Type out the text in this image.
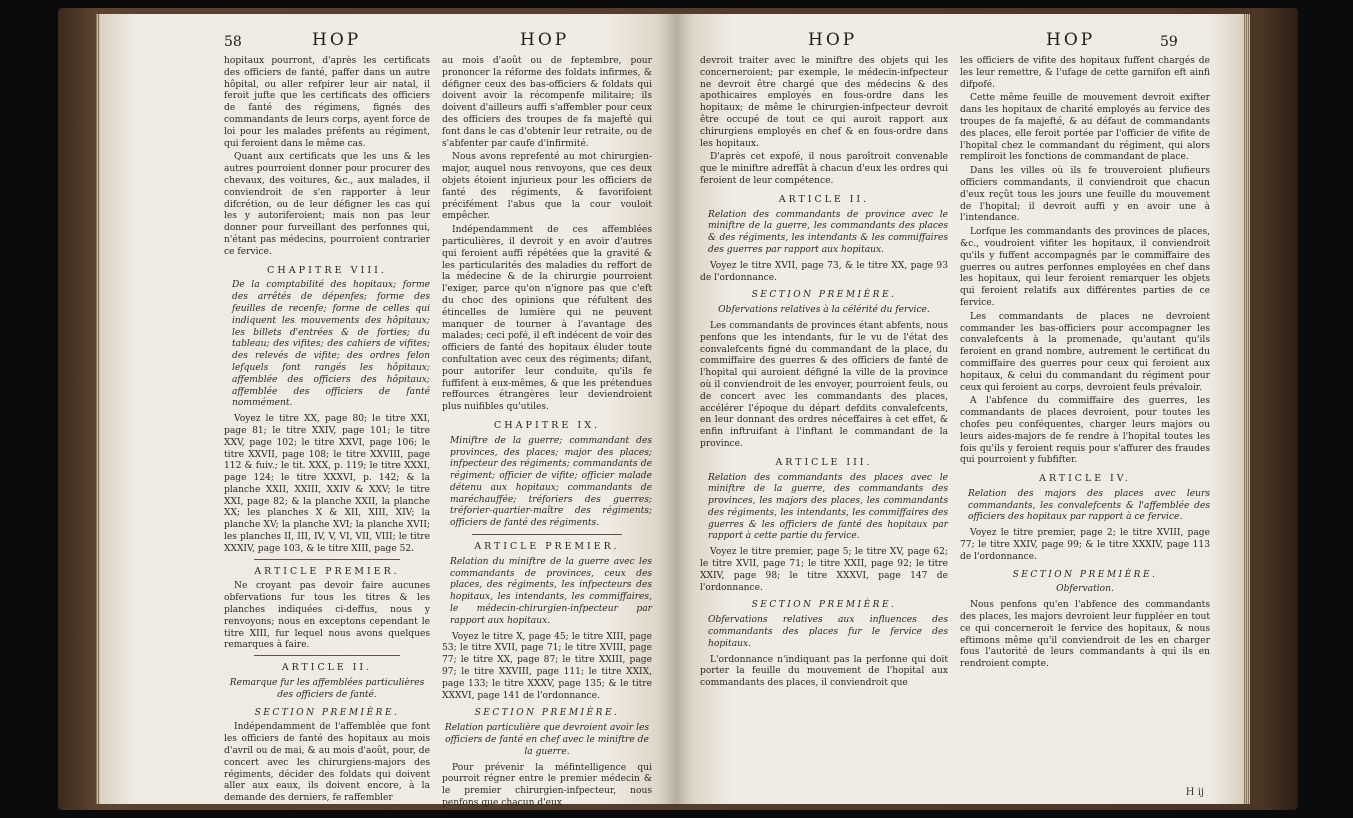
58	HOP	HOP

hopitaux pourront, d'après les certificats des officiers de fanté, paffer dans un autre hôpital, ou aller refpirer leur air natal, il feroit jufte que les certificats des officiers de fanté des régimens, fignés des commandants de leurs corps, ayent force de loi pour les malades préfents au régiment, qui feroient dans le même cas.

Quant aux certificats que les uns & les autres pourroient donner pour procurer des chevaux, des voitures, &c., aux malades, il conviendroit de s'en rapporter à leur difcrétion, ou de leur défigner les cas qui les y autoriferoient; mais non pas leur donner pour furveillant des perfonnes qui, n'étant pas médecins, pourroient contrarier ce fervice.

CHAPITRE VIII.

De la comptabilité des hopitaux; forme des arrêtés de dépenfes; forme des feuilles de recenfe; forme de celles qui indiquent les mouvements des hôpitaux; les billets d'entrées & de forties; du tableau; des vifites; des cahiers de vifites; des relevés de vifite; des ordres felon lefquels font rangés les hôpitaux; affemblée des officiers des hôpitaux; affemblée des officiers de fanté nommément.

Voyez le titre XX, page 80; le titre XXI, page 81; le titre XXIV, page 101; le titre XXV, page 102; le titre XXVI, page 106; le titre XXVII, page 108; le titre XXVIII, page 112 & fuiv.; le tit. XXX, p. 119; le titre XXXI, page 124; le titre XXXVI, p. 142; & la planche XXII, XXIII, XXIV & XXV; le titre XXI, page 82; & la planche XXII, la planche XX; les planches X & XII, XIII, XIV; la planche XV; la planche XVI; la planche XVII; les planches II, III, IV, V, VI, VII, VIII; le titre XXXIV, page 103, & le titre XIII, page 52.

ARTICLE PREMIER.

Ne croyant pas devoir faire aucunes obfervations fur tous les titres & les planches indiquées ci-deffus, nous y renvoyons; nous en exceptons cependant le titre XIII, fur lequel nous avons quelques remarques à faire.

ARTICLE II.

Remarque fur les affemblées particulières des officiers de fanté.

SECTION PREMIÈRE.

Indépendamment de l'affemblée que font les officiers de fanté des hopitaux au mois d'avril ou de mai, & au mois d'août, pour, de concert avec les chirurgiens-majors des régiments, décider des foldats qui doivent aller aux eaux, ils doivent encore, à la demande des derniers, fe raffembler

au mois d'août ou de feptembre, pour prononcer la réforme des foldats infirmes, & défigner ceux des bas-officiers & foldats qui doivent avoir la récompenfe militaire; ils doivent d'ailleurs auffi s'affembler pour ceux des officiers des troupes de fa majefté qui font dans le cas d'obtenir leur retraite, ou de s'abfenter par caufe d'infirmité.

Nous avons reprefenté au mot chirurgien-major, auquel nous renvoyons, que ces deux objets étoient injurieux pour les officiers de fanté des régiments, & favorifoient précifément l'abus que la cour vouloit empêcher.

Indépendamment de ces affemblées particulières, il devroit y en avoir d'autres qui feroient auffi répétées que la gravité & les particularités des maladies du reffort de la médecine & de la chirurgie pourroient l'exiger, parce qu'on n'ignore pas que c'eft du choc des opinions que réfultent des étincelles de lumière qui ne peuvent manquer de tourner à l'avantage des malades; ceci pofé, il eft indécent de voir des officiers de fanté des hopitaux éluder toute confultation avec ceux des régiments; difant, pour autorifer leur conduite, qu'ils fe fuffifent à eux-mêmes, & que les prétendues reffources étrangères leur deviendroient plus nuifibles qu'utiles.

CHAPITRE IX.

Miniftre de la guerre; commandant des provinces, des places; major des places; infpecteur des régiments; commandants de régiment; officier de vifite; officier malade détenu aux hopitaux; commandants de maréchauffée; tréforiers des guerres; tréforier-quartier-maître des régiments; officiers de fanté des régiments.

ARTICLE PREMIER.

Relation du miniftre de la guerre avec les commandants de provinces, ceux des places, des régiments, les infpecteurs des hopitaux, les intendants, les commiffaires, le médecin-chirurgien-infpecteur par rapport aux hopitaux.

Voyez le titre X, page 45; le titre XIII, page 53; le titre XVII, page 71; le titre XVIII, page 77; le titre XX, page 87; le titre XXIII, page 97; le titre XXVIII, page 111; le titre XXIX, page 133; le titre XXXV, page 135; & le titre XXXVI, page 141 de l'ordonnance.

SECTION PREMIÈRE.

Relation particulière que devroient avoir les officiers de fanté en chef avec le miniftre de la guerre.

Pour prévenir la méfintelligence qui pourroit régner entre le premier médecin & le premier chirurgien-infpecteur, nous penfons que chacun d'eux

HOP	HOP	59

devroit traiter avec le miniftre des objets qui les concerneroient; par exemple, le médecin-infpecteur ne devroit être chargé que des médecins & des apothicaires employés en fous-ordre dans les hopitaux; de même le chirurgien-infpecteur devroit être occupé de tout ce qui auroit rapport aux chirurgiens employés en chef & en fous-ordre dans les hopitaux.

D'après cet expofé, il nous paroîtroit convenable que le miniftre adreffât à chacun d'eux les ordres qui feroient de leur compétence.

ARTICLE II.

Relation des commandants de province avec le miniftre de la guerre, les commandants des places & des régiments, les intendants & les commiffaires des guerres par rapport aux hopitaux.

Voyez le titre XVII, page 73, & le titre XX, page 93 de l'ordonnance.

SECTION PREMIÈRE.

Obfervations relatives à la célérité du fervice.

Les commandants de provinces étant abfents, nous penfons que les intendants, fur le vu de l'état des convalefcents figné du commandant de la place, du commiffaire des guerres & des officiers de fanté de l'hopital qui auroient défigné la ville de la province où il conviendroit de les envoyer, pourroient feuls, ou de concert avec les commandants des places, accélérer l'époque du départ defdits convalefcents, en leur donnant des ordres néceffaires à cet effet, & enfin inftruifant à l'inftant le commandant de la province.

ARTICLE III.

Relation des commandants des places avec le miniftre de la guerre, des commandants des provinces, les majors des places, les commandants des régiments, les intendants, les commiffaires des guerres & les officiers de fanté des hopitaux par rapport à cette partie du fervice.

Voyez le titre premier, page 5; le titre XV, page 62; le titre XVII, page 71; le titre XXII, page 92; le titre XXIV, page 98; le titre XXXVI, page 147 de l'ordonnance.

SECTION PREMIÈRE.

Obfervations relatives aux influences des commandants des places fur le fervice des hopitaux.

L'ordonnance n'indiquant pas la perfonne qui doit porter la feuille du mouvement de l'hopital aux commandants des places, il conviendroit que

les officiers de vifite des hopitaux fuffent chargés de les leur remettre, & l'ufage de cette garnifon eft ainfi difpofé.

Cette même feuille de mouvement devroit exifter dans les hopitaux de charité employés au fervice des troupes de fa majefté, & au défaut de commandants des places, elle feroit portée par l'officier de vifite de l'hopital chez le commandant du régiment, qui alors rempliroit les fonctions de commandant de place.

Dans les villes où ils fe trouveroient plufieurs officiers commandants, il conviendroit que chacun d'eux reçût tous les jours une feuille du mouvement de l'hopital; il devroit auffi y en avoir une à l'intendance.

Lorfque les commandants des provinces de places, &c., voudroient vifiter les hopitaux, il conviendroit qu'ils y fuffent accompagnés par le commiffaire des guerres ou autres perfonnes employées en chef dans les hopitaux, qui leur feroient remarquer les objets qui feroient relatifs aux différentes parties de ce fervice.

Les commandants de places ne devroient commander les bas-officiers pour accompagner les convalefcents à la promenade, qu'autant qu'ils feroient en grand nombre, autrement le certificat du commiffaire des guerres pour ceux qui feroient aux hopitaux, & celui du commandant du régiment pour ceux qui feroient au corps, devroient feuls prévaloir.

A l'abfence du commiffaire des guerres, les commandants de places devroient, pour toutes les chofes peu conféquentes, charger leurs majors ou leurs aides-majors de fe rendre à l'hopital toutes les fois qu'ils y feroient requis pour s'affurer des fraudes qui pourroient y fubfifter.

ARTICLE IV.

Relation des majors des places avec leurs commandants, les convalefcents & l'affemblée des officiers des hopitaux par rapport à ce fervice.

Voyez le titre premier, page 2; le titre XVIII, page 77; le titre XXIV, page 99; & le titre XXXIV, page 113 de l'ordonnance.

SECTION PREMIÈRE.

Obfervation.

Nous penfons qu'en l'abfence des commandants des places, les majors devroient leur fuppléer en tout ce qui concerneroit le fervice des hopitaux, & nous eftimons même qu'il conviendroit de les en charger fous l'autorité de leurs commandants à qui ils en rendroient compte.

H ij
